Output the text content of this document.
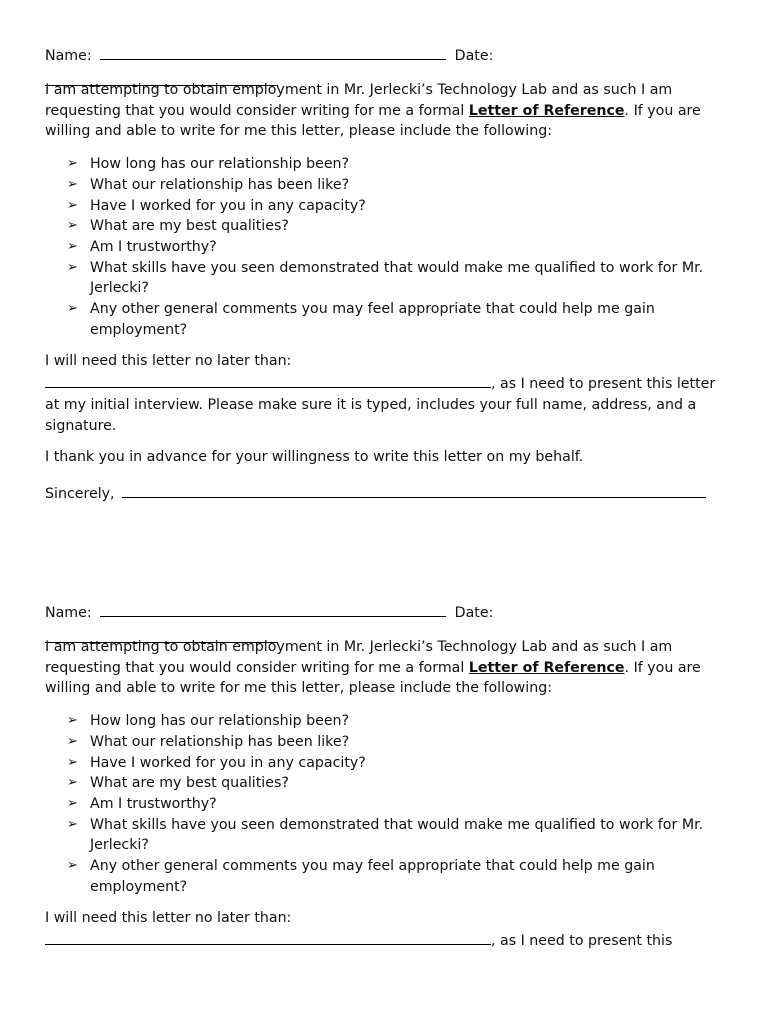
Name:	Date:

I am attempting to obtain employment in Mr. Jerlecki’s Technology Lab and as such I am requesting that you would consider writing for me a formal Letter of Reference. If you are willing and able to write for me this letter, please include the following:

➢ How long has our relationship been?
➢ What our relationship has been like?
➢ Have I worked for you in any capacity?
➢ What are my best qualities?
➢ Am I trustworthy?
➢ What skills have you seen demonstrated that would make me qualified to work for Mr. Jerlecki?
➢ Any other general comments you may feel appropriate that could help me gain employment?

I will need this letter no later than:
, as I need to present this letter at my initial interview. Please make sure it is typed, includes your full name, address, and a signature.

I thank you in advance for your willingness to write this letter on my behalf.

Sincerely,
Name:	Date:

I am attempting to obtain employment in Mr. Jerlecki’s Technology Lab and as such I am requesting that you would consider writing for me a formal Letter of Reference. If you are willing and able to write for me this letter, please include the following:

➢ How long has our relationship been?
➢ What our relationship has been like?
➢ Have I worked for you in any capacity?
➢ What are my best qualities?
➢ Am I trustworthy?
➢ What skills have you seen demonstrated that would make me qualified to work for Mr. Jerlecki?
➢ Any other general comments you may feel appropriate that could help me gain employment?

I will need this letter no later than:
, as I need to present this
